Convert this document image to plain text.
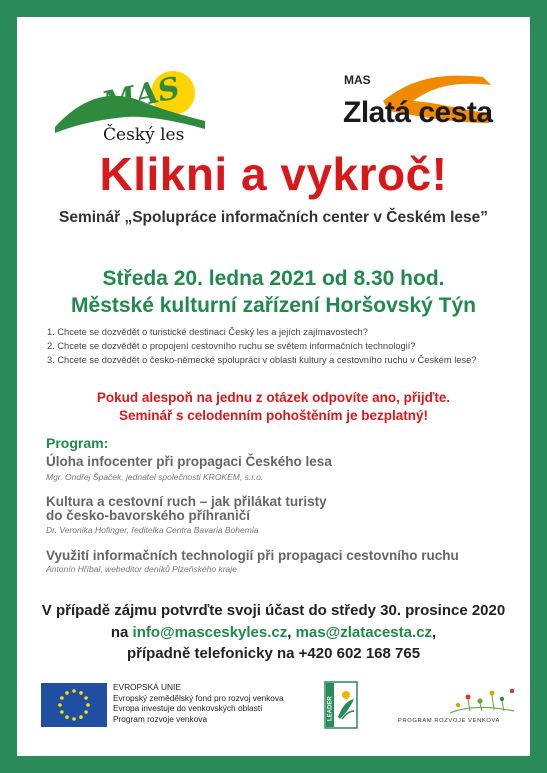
MAS
Český les
MAS
Zlatá cesta
Klikni a vykroč!
Seminář „Spolupráce informačních center v Českém lese”
Středa 20. ledna 2021 od 8.30 hod.
Městské kulturní zařízení Horšovský Týn
1. Chcete se dozvědět o turistické destinaci Český les a jejích zajímavostech?
2. Chcete se dozvědět o propojení cestovního ruchu se světem informačních technologií?
3. Chcete se dozvědět o česko-německé spolupráci v oblasti kultury a cestovního ruchu v Českém lese?
Pokud alespoň na jednu z otázek odpovíte ano, přijďte.
Seminář s celodenním pohoštěním je bezplatný!
Program:
Úloha infocenter při propagaci Českého lesa
Mgr. Ondřej Špaček, jednatel společnosti KROKEM, s.r.o.
Kultura a cestovní ruch – jak přilákat turisty
do česko-bavorského příhraničí
Dr. Veronika Hofinger, ředitelka Centra Bavaria Bohemia
Využití informačních technologií při propagaci cestovního ruchu
Antonín Hříbal, webeditor deníků Plzeňského kraje
V případě zájmu potvrďte svoji účast do středy 30. prosince 2020
na info@masceskyles.cz, mas@zlatacesta.cz,
případně telefonicky na +420 602 168 765
EVROPSKÁ UNIE
Evropský zemědělský fond pro rozvoj venkova
Evropa investuje do venkovských oblastí
Program rozvoje venkova	LEADER	PROGRAM ROZVOJE VENKOVA
